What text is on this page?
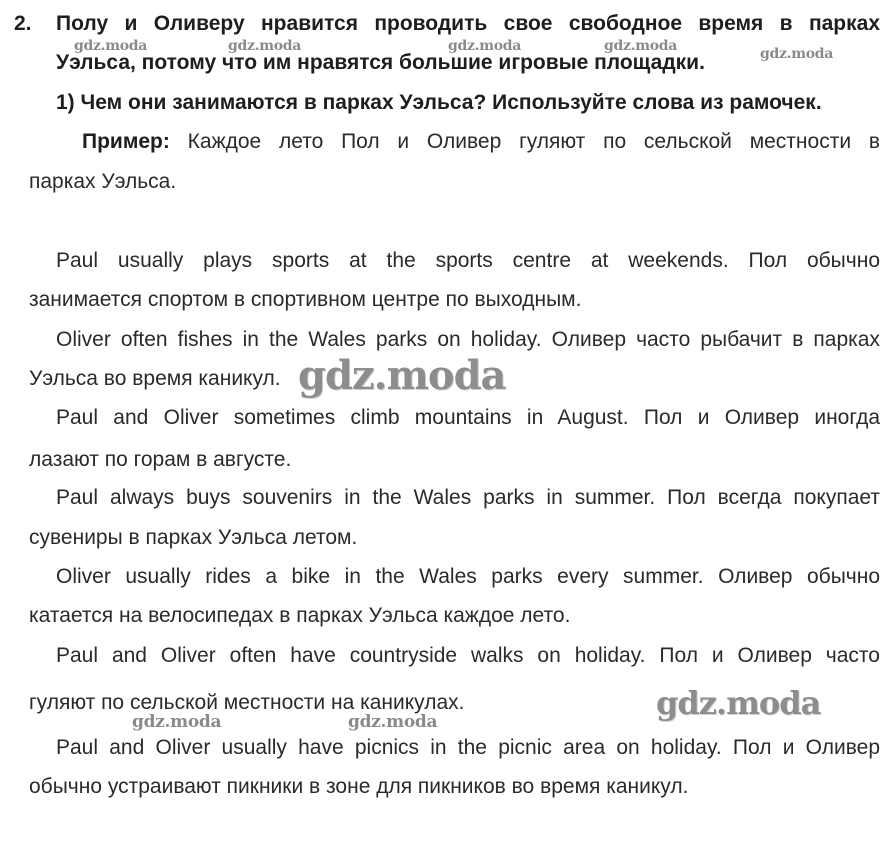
2. Полу и Оливеру нравится проводить свое свободное время в парках
Уэльса, потому что им нравятся большие игровые площадки.
1) Чем они занимаются в парках Уэльса? Используйте слова из рамочек.
Пример: Каждое лето Пол и Оливер гуляют по сельской местности в
парках Уэльса.
Paul usually plays sports at the sports centre at weekends. Пол обычно
занимается спортом в спортивном центре по выходным.
Oliver often fishes in the Wales parks on holiday. Оливер часто рыбачит в парках
Уэльса во время каникул.
Paul and Oliver sometimes climb mountains in August. Пол и Оливер иногда
лазают по горам в августе.
Paul always buys souvenirs in the Wales parks in summer. Пол всегда покупает
сувениры в парках Уэльса летом.
Oliver usually rides a bike in the Wales parks every summer. Оливер обычно
катается на велосипедах в парках Уэльса каждое лето.
Paul and Oliver often have countryside walks on holiday. Пол и Оливер часто
гуляют по сельской местности на каникулах.
Paul and Oliver usually have picnics in the picnic area on holiday. Пол и Оливер
обычно устраивают пикники в зоне для пикников во время каникул.
gdz.moda	gdz.moda	gdz.moda	gdz.moda	gdz.moda
gdz.moda
gdz.moda
gdz.moda	gdz.moda
